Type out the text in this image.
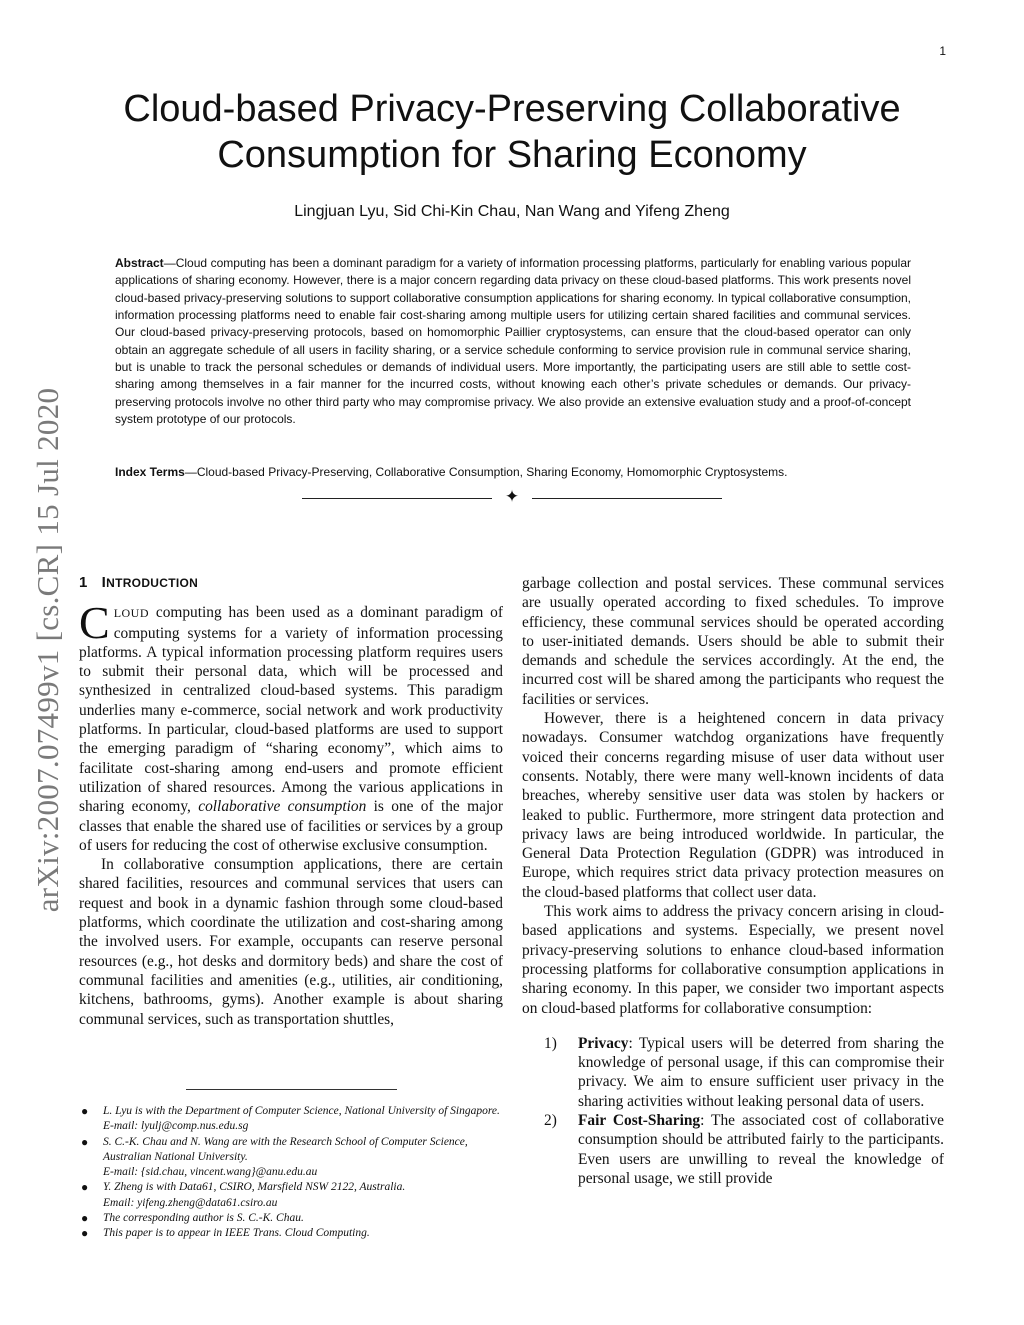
1
arXiv:2007.07499v1 [cs.CR] 15 Jul 2020
Cloud-based Privacy-Preserving Collaborative
Consumption for Sharing Economy
Lingjuan Lyu, Sid Chi-Kin Chau, Nan Wang and Yifeng Zheng
Abstract—Cloud computing has been a dominant paradigm for a variety of information processing platforms, particularly for enabling various popular applications of sharing economy. However, there is a major concern regarding data privacy on these cloud-based platforms. This work presents novel cloud-based privacy-preserving solutions to support collaborative consumption applications for sharing economy. In typical collaborative consumption, information processing platforms need to enable fair cost-sharing among multiple users for utilizing certain shared facilities and communal services. Our cloud-based privacy-preserving protocols, based on homomorphic Paillier cryptosystems, can ensure that the cloud-based operator can only obtain an aggregate schedule of all users in facility sharing, or a service schedule conforming to service provision rule in communal service sharing, but is unable to track the personal schedules or demands of individual users. More importantly, the participating users are still able to settle cost-sharing among themselves in a fair manner for the incurred costs, without knowing each other’s private schedules or demands. Our privacy-preserving protocols involve no other third party who may compromise privacy. We also provide an extensive evaluation study and a proof-of-concept system prototype of our protocols.
Index Terms—Cloud-based Privacy-Preserving, Collaborative Consumption, Sharing Economy, Homomorphic Cryptosystems.
✦
1 INTRODUCTION

CLOUD computing has been used as a dominant paradigm of computing systems for a variety of information processing platforms. A typical information processing platform requires users to submit their personal data, which will be processed and synthesized in centralized cloud-based systems. This paradigm underlies many e-commerce, social network and work productivity platforms. In particular, cloud-based platforms are used to support the emerging paradigm of “sharing economy”, which aims to facilitate cost-sharing among end-users and promote efficient utilization of shared resources. Among the various applications in sharing economy, collaborative consumption is one of the major classes that enable the shared use of facilities or services by a group of users for reducing the cost of otherwise exclusive consumption.

In collaborative consumption applications, there are certain shared facilities, resources and communal services that users can request and book in a dynamic fashion through some cloud-based platforms, which coordinate the utilization and cost-sharing among the involved users. For example, occupants can reserve personal resources (e.g., hot desks and dormitory beds) and share the cost of communal facilities and amenities (e.g., utilities, air conditioning, kitchens, bathrooms, gyms). Another example is about sharing communal services, such as transportation shuttles,

garbage collection and postal services. These communal services are usually operated according to fixed schedules. To improve efficiency, these communal services should be operated according to user-initiated demands. Users should be able to submit their demands and schedule the services accordingly. At the end, the incurred cost will be shared among the participants who request the facilities or services.

However, there is a heightened concern in data privacy nowadays. Consumer watchdog organizations have frequently voiced their concerns regarding misuse of user data without user consents. Notably, there were many well-known incidents of data breaches, whereby sensitive user data was stolen by hackers or leaked to public. Furthermore, more stringent data protection and privacy laws are being introduced worldwide. In particular, the General Data Protection Regulation (GDPR) was introduced in Europe, which requires strict data privacy protection measures on the cloud-based platforms that collect user data.

This work aims to address the privacy concern arising in cloud-based applications and systems. Especially, we present novel privacy-preserving solutions to enhance cloud-based information processing platforms for collaborative consumption applications in sharing economy. In this paper, we consider two important aspects on cloud-based platforms for collaborative consumption:

1) Privacy: Typical users will be deterred from sharing the knowledge of personal usage, if this can compromise their privacy. We aim to ensure sufficient user privacy in the sharing activities without leaking personal data of users.
2) Fair Cost-Sharing: The associated cost of collaborative consumption should be attributed fairly to the participants. Even users are unwilling to reveal the knowledge of personal usage, we still provide
● L. Lyu is with the Department of Computer Science, National University of Singapore. E-mail: lyulj@comp.nus.edu.sg
● S. C.-K. Chau and N. Wang are with the Research School of Computer Science, Australian National University.
E-mail: {sid.chau, vincent.wang}@anu.edu.au
● Y. Zheng is with Data61, CSIRO, Marsfield NSW 2122, Australia.
Email: yifeng.zheng@data61.csiro.au
● The corresponding author is S. C.-K. Chau.
● This paper is to appear in IEEE Trans. Cloud Computing.
